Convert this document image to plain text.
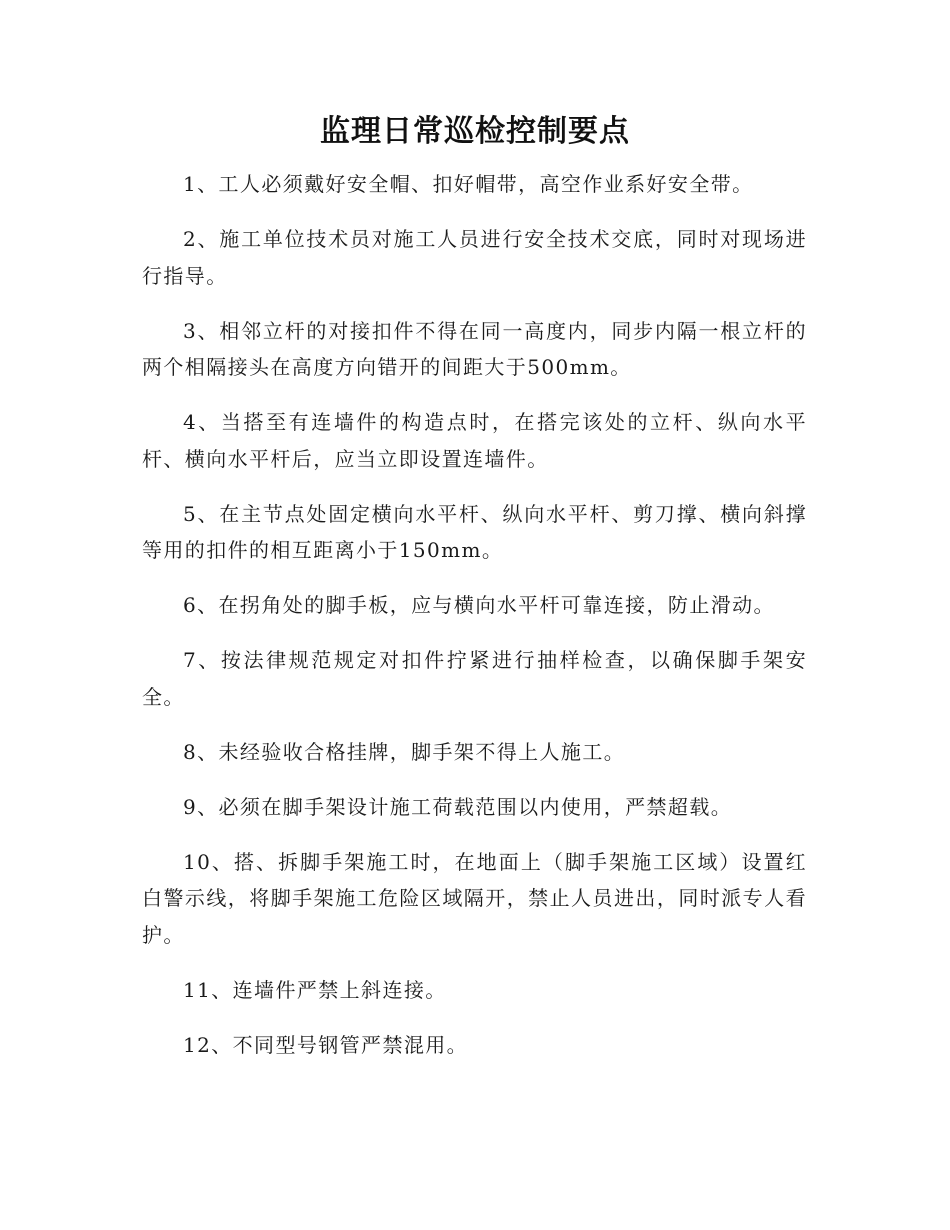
监理日常巡检控制要点

1、工人必须戴好安全帽、扣好帽带，高空作业系好安全带。

2、施工单位技术员对施工人员进行安全技术交底，同时对现场进行指导。

3、相邻立杆的对接扣件不得在同一高度内，同步内隔一根立杆的两个相隔接头在高度方向错开的间距大于500mm。

4、当搭至有连墙件的构造点时，在搭完该处的立杆、纵向水平杆、横向水平杆后，应当立即设置连墙件。

5、在主节点处固定横向水平杆、纵向水平杆、剪刀撑、横向斜撑等用的扣件的相互距离小于150mm。

6、在拐角处的脚手板，应与横向水平杆可靠连接，防止滑动。

7、按法律规范规定对扣件拧紧进行抽样检查，以确保脚手架安全。

8、未经验收合格挂牌，脚手架不得上人施工。

9、必须在脚手架设计施工荷载范围以内使用，严禁超载。

10、搭、拆脚手架施工时，在地面上（脚手架施工区域）设置红白警示线，将脚手架施工危险区域隔开，禁止人员进出，同时派专人看护。

11、连墙件严禁上斜连接。

12、不同型号钢管严禁混用。
